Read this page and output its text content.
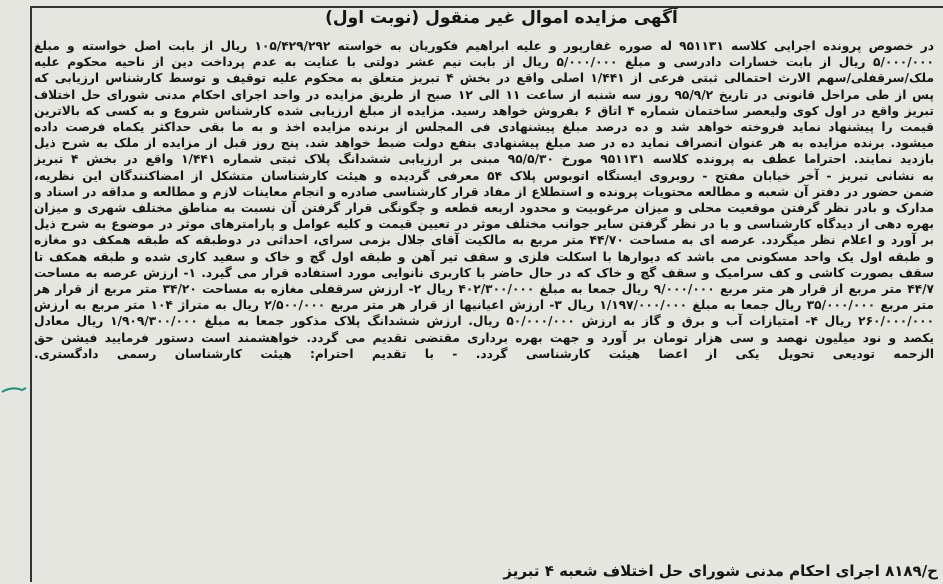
آگهی مزایده اموال غیر منقول (نوبت اول)
در خصوص پرونده اجرایی کلاسه ۹۵۱۱۳۱ له صوره غفارپور و علیه ابراهیم فکوریان به خواسته ۱۰۵/۴۲۹/۲۹۲ ریال از بابت اصل خواسته و مبلغ
۵/۰۰۰/۰۰۰ ریال از بابت خسارات دادرسی و مبلغ ۵/۰۰۰/۰۰۰ ریال از بابت نیم عشر دولتی با عنایت به عدم پرداخت دین از ناحیه محکوم علیه
ملک/سرقفلی/سهم الارث احتمالی ثبتی فرعی از ۱/۴۴۱ اصلی واقع در بخش ۴ تبریز متعلق به محکوم علیه توقیف و توسط کارشناس ارزیابی که
پس از طی مراحل قانونی در تاریخ ۹۵/۹/۲ روز سه شنبه از ساعت ۱۱ الی ۱۲ صبح از طریق مزایده در واحد اجرای احکام مدنی شورای حل اختلاف
تبریز واقع در اول کوی ولیعصر ساختمان شماره ۴ اتاق ۶ بفروش خواهد رسید. مزایده از مبلغ ارزیابی شده کارشناس شروع و به کسی که بالاترین
قیمت را پیشنهاد نماید فروخته خواهد شد و ده درصد مبلغ پیشنهادی فی المجلس از برنده مزایده اخذ و به ما بقی حداکثر یکماه فرصت داده
میشود. برنده مزایده به هر عنوان انصراف نماید ده در صد مبلغ پیشنهادی بنفع دولت ضبط خواهد شد. پنج روز قبل از مزایده از ملک به شرح ذیل
بازدید نمایند. احتراما عطف به پرونده کلاسه ۹۵۱۱۳۱ مورخ ۹۵/۵/۳۰ مبنی بر ارزیابی ششدانگ پلاک ثبتی شماره ۱/۴۴۱ واقع در بخش ۴ تبریز
به نشانی تبریز - آخر خیابان مفتح - روبروی ایستگاه اتوبوس پلاک ۵۴ معرفی گردیده و هیئت کارشناسان متشکل از امضاکنندگان این نظریه،
ضمن حضور در دفتر آن شعبه و مطالعه محتویات پرونده و استطلاع از مفاد قرار کارشناسی صادره و انجام معاینات لازم و مطالعه و مداقه در اسناد و
مدارک و بادر نظر گرفتن موقعیت محلی و میزان مرغوبیت و محدود اربعه قطعه و چگونگی قرار گرفتن آن نسبت به مناطق مختلف شهری و میزان
بهره دهی از دیدگاه کارشناسی و با در نظر گرفتن سایر جوانب مختلف موثر در تعیین قیمت و کلیه عوامل و پارامترهای موثر در موضوع به شرح ذیل
بر آورد و اعلام نظر میگردد. عرصه ای به مساحت ۴۴/۷۰ متر مربع به مالکیت آقای جلال بزمی سرای، احداثی در دوطبقه که طبقه همکف دو مغازه
و طبقه اول یک واحد مسکونی می باشد که دیوارها با اسکلت فلزی و سقف تیر آهن و طبقه اول گچ و خاک و سفید کاری شده و طبقه همکف تا
سقف بصورت کاشی و کف سرامیک و سقف گچ و خاک که در حال حاضر با کاربری نانوایی مورد استفاده قرار می گیرد. ۱- ارزش عرصه به مساحت
۴۴/۷ متر مربع از قرار هر متر مربع ۹/۰۰۰/۰۰۰ ریال جمعا به مبلغ ۴۰۲/۳۰۰/۰۰۰ ریال ۲- ارزش سرقفلی مغازه به مساحت ۳۴/۲۰ متر مربع از قرار هر
متر مربع ۳۵/۰۰۰/۰۰۰ ریال جمعا به مبلغ ۱/۱۹۷/۰۰۰/۰۰۰ ریال ۳- ارزش اعیانیها از قرار هر متر مربع ۲/۵۰۰/۰۰۰ ریال به متراژ ۱۰۴ متر مربع به ارزش
۲۶۰/۰۰۰/۰۰۰ ریال ۴- امتیازات آب و برق و گاز به ارزش ۵۰/۰۰۰/۰۰۰ ریال. ارزش ششدانگ پلاک مذکور جمعا به مبلغ ۱/۹۰۹/۳۰۰/۰۰۰ ریال معادل
یکصد و نود میلیون نهصد و سی هزار تومان بر آورد و جهت بهره برداری مقتضی تقدیم می گردد. خواهشمند است دستور فرمایید فیشن حق
الزحمه تودیعی تحویل یکی از اعضا هیئت کارشناسی گردد. - با تقدیم احترام: هیئت کارشناسان رسمی دادگستری.
ح/۸۱۸۹ اجرای احکام مدنی شورای حل اختلاف شعبه ۴ تبریز
